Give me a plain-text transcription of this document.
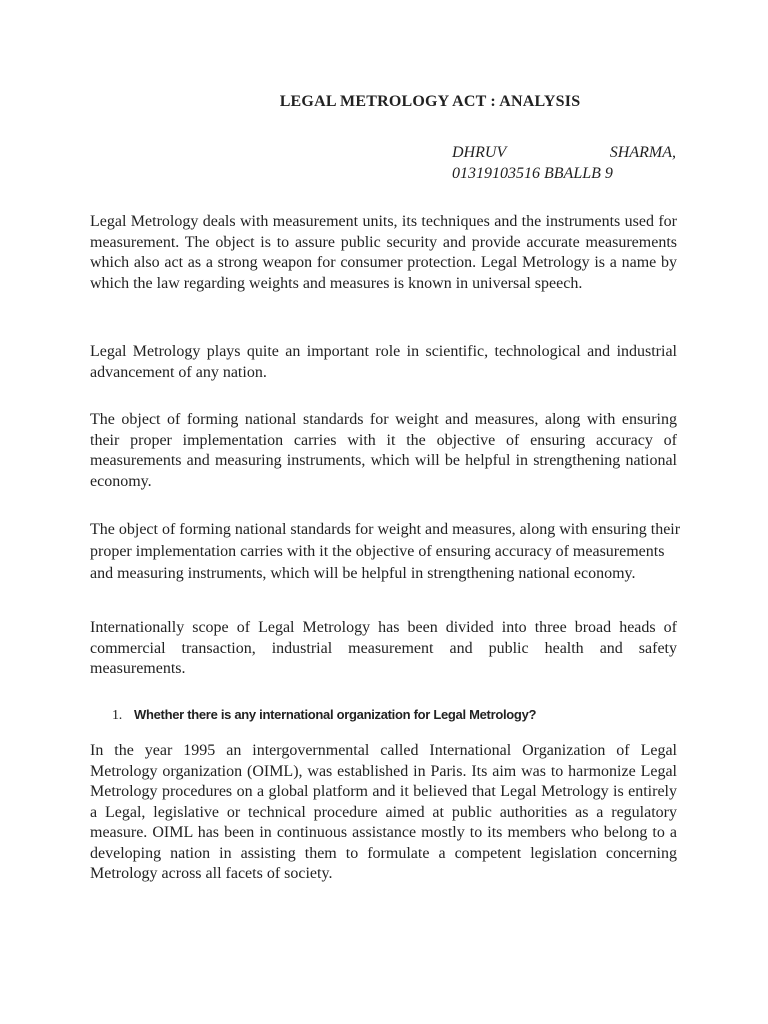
LEGAL METROLOGY ACT : ANALYSIS
DHRUV	SHARMA,
01319103516 BBALLB 9

Legal Metrology deals with measurement units, its techniques and the instruments used for measurement. The object is to assure public security and provide accurate measurements which also act as a strong weapon for consumer protection. Legal Metrology is a name by which the law regarding weights and measures is known in universal speech.

Legal Metrology plays quite an important role in scientific, technological and industrial advancement of any nation.

The object of forming national standards for weight and measures, along with ensuring their proper implementation carries with it the objective of ensuring accuracy of measurements and measuring instruments, which will be helpful in strengthening national economy.

The object of forming national standards for weight and measures, along with ensuring their proper implementation carries with it the objective of ensuring accuracy of measurements and measuring instruments, which will be helpful in strengthening national economy.

Internationally scope of Legal Metrology has been divided into three broad heads of commercial transaction, industrial measurement and public health and safety measurements.

1. Whether there is any international organization for Legal Metrology?

In the year 1995 an intergovernmental called International Organization of Legal Metrology organization (OIML), was established in Paris. Its aim was to harmonize Legal Metrology procedures on a global platform and it believed that Legal Metrology is entirely a Legal, legislative or technical procedure aimed at public authorities as a regulatory measure. OIML has been in continuous assistance mostly to its members who belong to a developing nation in assisting them to formulate a competent legislation concerning Metrology across all facets of society.
